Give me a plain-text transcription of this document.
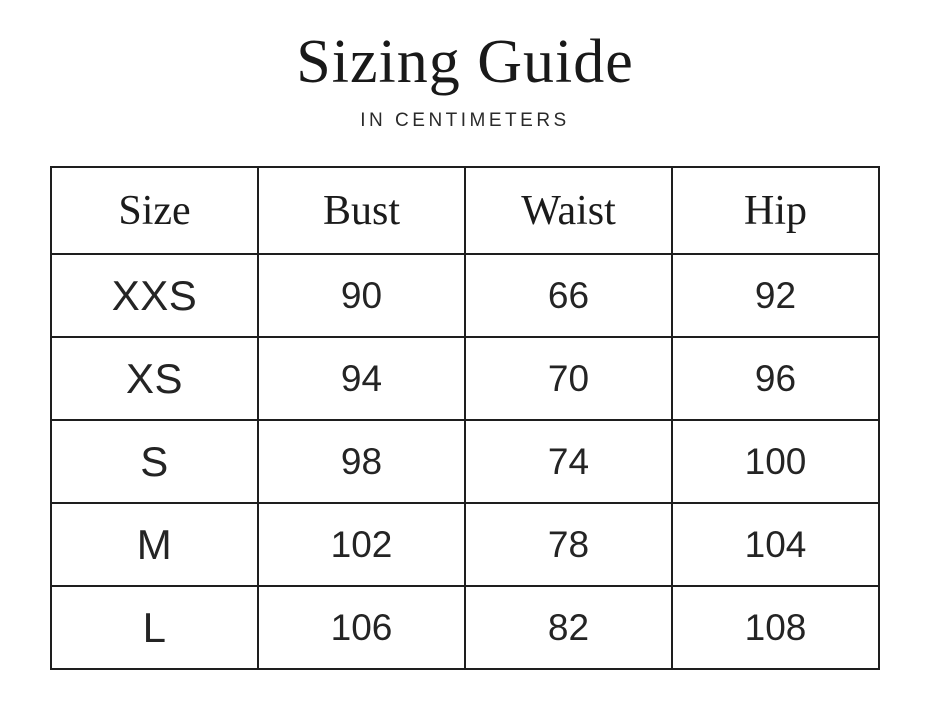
Sizing Guide
IN CENTIMETERS
Size	Bust	Waist	Hip
XXS	90	66	92
XS	94	70	96
S	98	74	100
M	102	78	104
L	106	82	108
